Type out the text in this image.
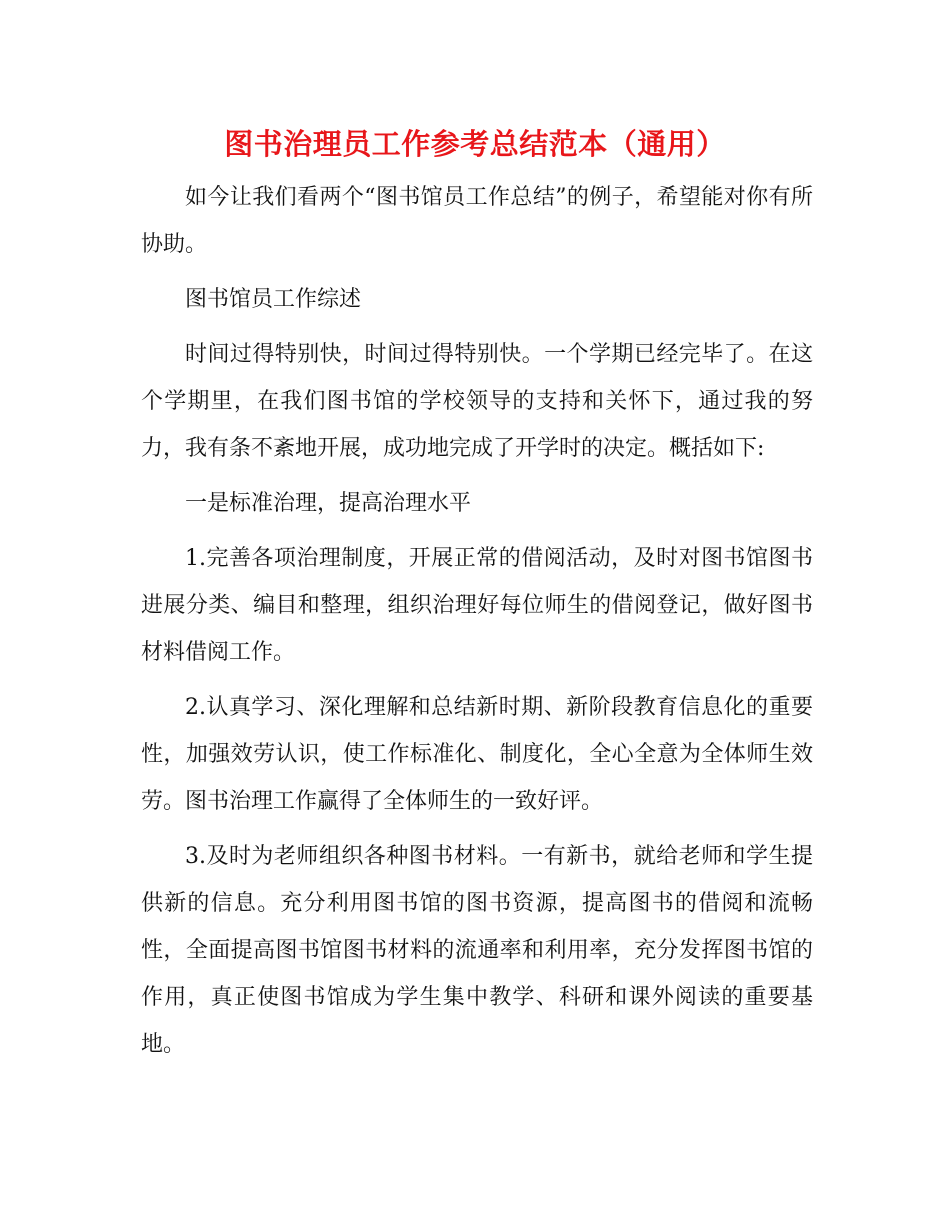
图书治理员工作参考总结范本（通用）

如今让我们看两个“图书馆员工作总结”的例子，希望能对你有所协助。

图书馆员工作综述

时间过得特别快，时间过得特别快。一个学期已经完毕了。在这个学期里，在我们图书馆的学校领导的支持和关怀下，通过我的努力，我有条不紊地开展，成功地完成了开学时的决定。概括如下:

一是标准治理，提高治理水平

1.完善各项治理制度，开展正常的借阅活动，及时对图书馆图书进展分类、编目和整理，组织治理好每位师生的借阅登记，做好图书材料借阅工作。

2.认真学习、深化理解和总结新时期、新阶段教育信息化的重要性，加强效劳认识，使工作标准化、制度化，全心全意为全体师生效劳。图书治理工作赢得了全体师生的一致好评。

3.及时为老师组织各种图书材料。一有新书，就给老师和学生提供新的信息。充分利用图书馆的图书资源，提高图书的借阅和流畅性，全面提高图书馆图书材料的流通率和利用率，充分发挥图书馆的作用，真正使图书馆成为学生集中教学、科研和课外阅读的重要基地。
